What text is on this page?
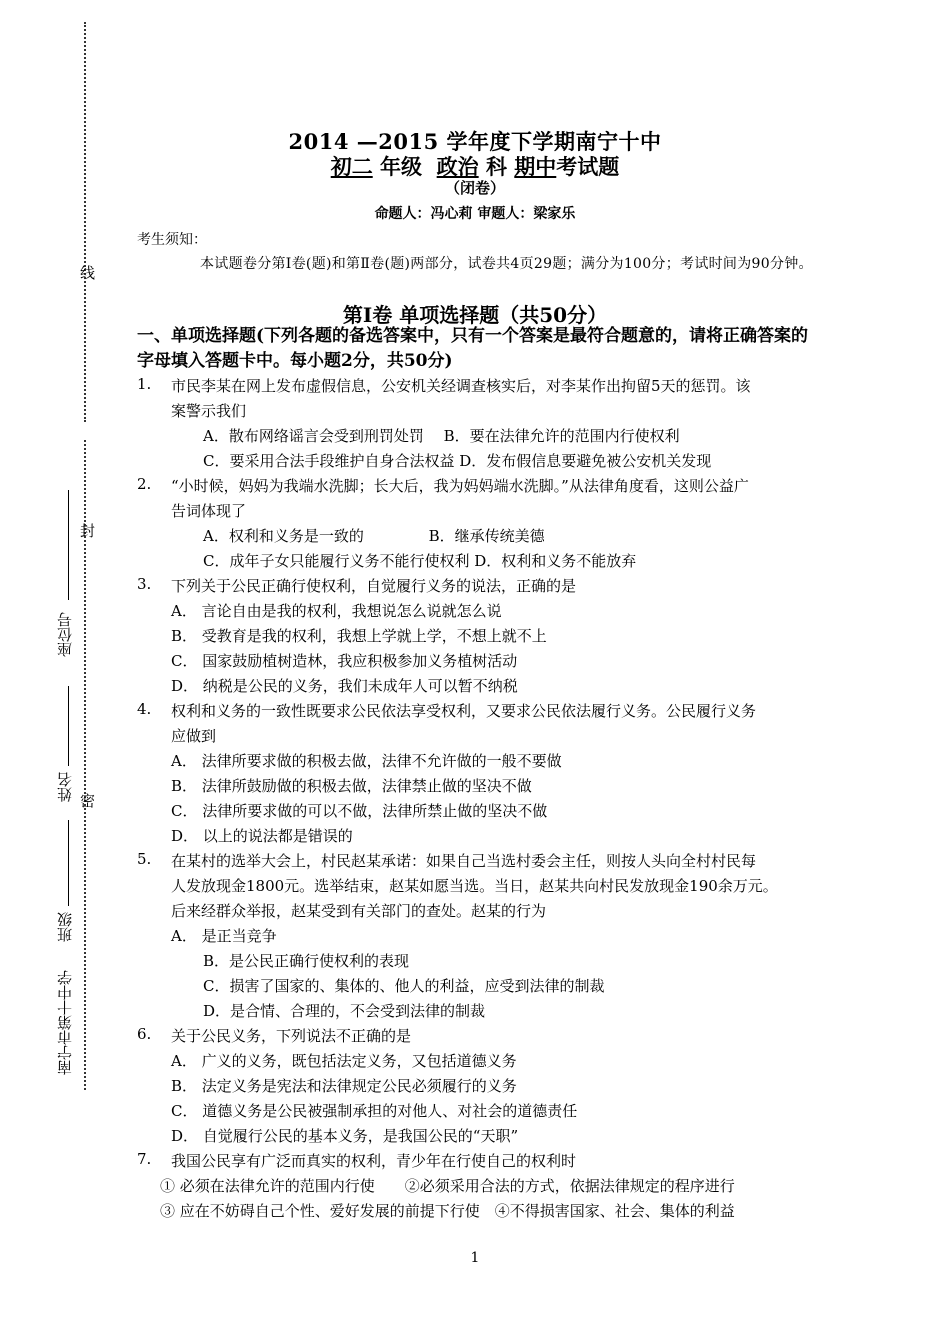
线
封
密
座位号
姓名
班级
南宁市第十中学
2014 —2015 学年度下学期南宁十中
初二 年级 政治 科 期中考试题
（闭卷）
命题人：冯心莉 审题人：梁家乐
考生须知：
本试题卷分第Ⅰ卷(题)和第Ⅱ卷(题)两部分，试卷共4页29题；满分为100分；考试时间为90分钟。
第Ⅰ卷 单项选择题（共50分）
一、单项选择题(下列各题的备选答案中，只有一个答案是最符合题意的，请将正确答案的字母填入答题卡中。每小题2分，共50分)
1. 市民李某在网上发布虚假信息，公安机关经调查核实后，对李某作出拘留5天的惩罚。该
案警示我们
A．散布网络谣言会受到刑罚处罚　 B．要在法律允许的范围内行使权利
C．要采用合法手段维护自身合法权益 D．发布假信息要避免被公安机关发现
2. “小时候，妈妈为我端水洗脚；长大后，我为妈妈端水洗脚。”从法律角度看，这则公益广
告词体现了
A．权利和义务是一致的　　　　 B．继承传统美德
C．成年子女只能履行义务不能行使权利 D．权利和义务不能放弃
3. 下列关于公民正确行使权利，自觉履行义务的说法，正确的是
A． 言论自由是我的权利，我想说怎么说就怎么说
B． 受教育是我的权利，我想上学就上学，不想上就不上
C． 国家鼓励植树造林，我应积极参加义务植树活动
D． 纳税是公民的义务，我们未成年人可以暂不纳税
4. 权利和义务的一致性既要求公民依法享受权利，又要求公民依法履行义务。公民履行义务
应做到
A． 法律所要求做的积极去做，法律不允许做的一般不要做
B． 法律所鼓励做的积极去做，法律禁止做的坚决不做
C． 法律所要求做的可以不做，法律所禁止做的坚决不做
D． 以上的说法都是错误的
5. 在某村的选举大会上，村民赵某承诺：如果自己当选村委会主任，则按人头向全村村民每
人发放现金1800元。选举结束，赵某如愿当选。当日，赵某共向村民发放现金190余万元。
后来经群众举报，赵某受到有关部门的查处。赵某的行为
A． 是正当竞争
B．是公民正确行使权利的表现
C．损害了国家的、集体的、他人的利益，应受到法律的制裁
D．是合情、合理的，不会受到法律的制裁
6. 关于公民义务，下列说法不正确的是
A． 广义的义务，既包括法定义务，又包括道德义务
B． 法定义务是宪法和法律规定公民必须履行的义务
C． 道德义务是公民被强制承担的对他人、对社会的道德责任
D． 自觉履行公民的基本义务，是我国公民的“天职”
7. 我国公民享有广泛而真实的权利，青少年在行使自己的权利时
① 必须在法律允许的范围内行使　　②必须采用合法的方式，依据法律规定的程序进行
③ 应在不妨碍自己个性、爱好发展的前提下行使　④不得损害国家、社会、集体的利益
1
